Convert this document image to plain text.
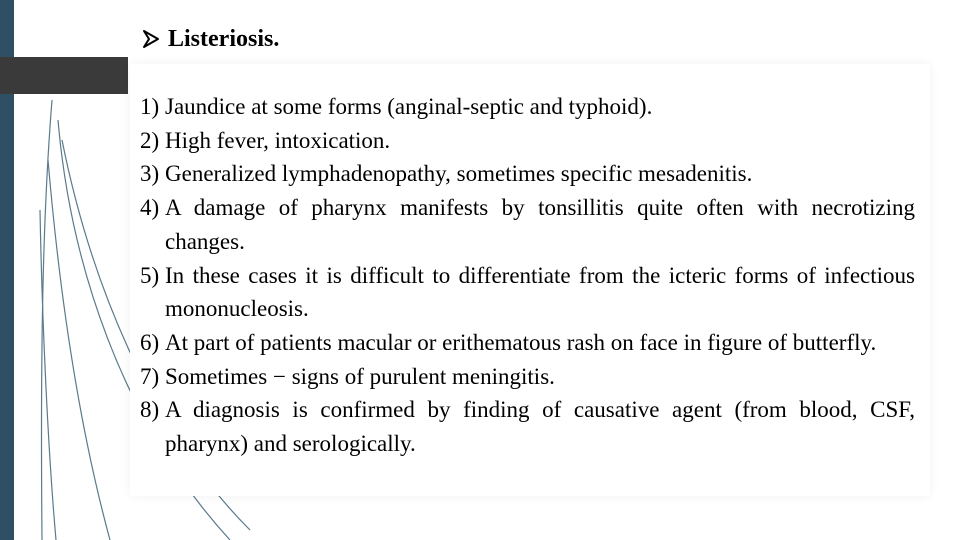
Listeriosis.
1) Jaundice at some forms (anginal-septic and typhoid).
2) High fever, intoxication.
3) Generalized lymphadenopathy, sometimes specific mesadenitis.
4) A damage of pharynx manifests by tonsillitis quite often with necrotizing changes.
5) In these cases it is difficult to differentiate from the icteric forms of infectious mononucleosis.
6) At part of patients macular or erithematous rash on face in figure of butterfly.
7) Sometimes − signs of purulent meningitis.
8) A diagnosis is confirmed by finding of causative agent (from blood, CSF, pharynx) and serologically.
